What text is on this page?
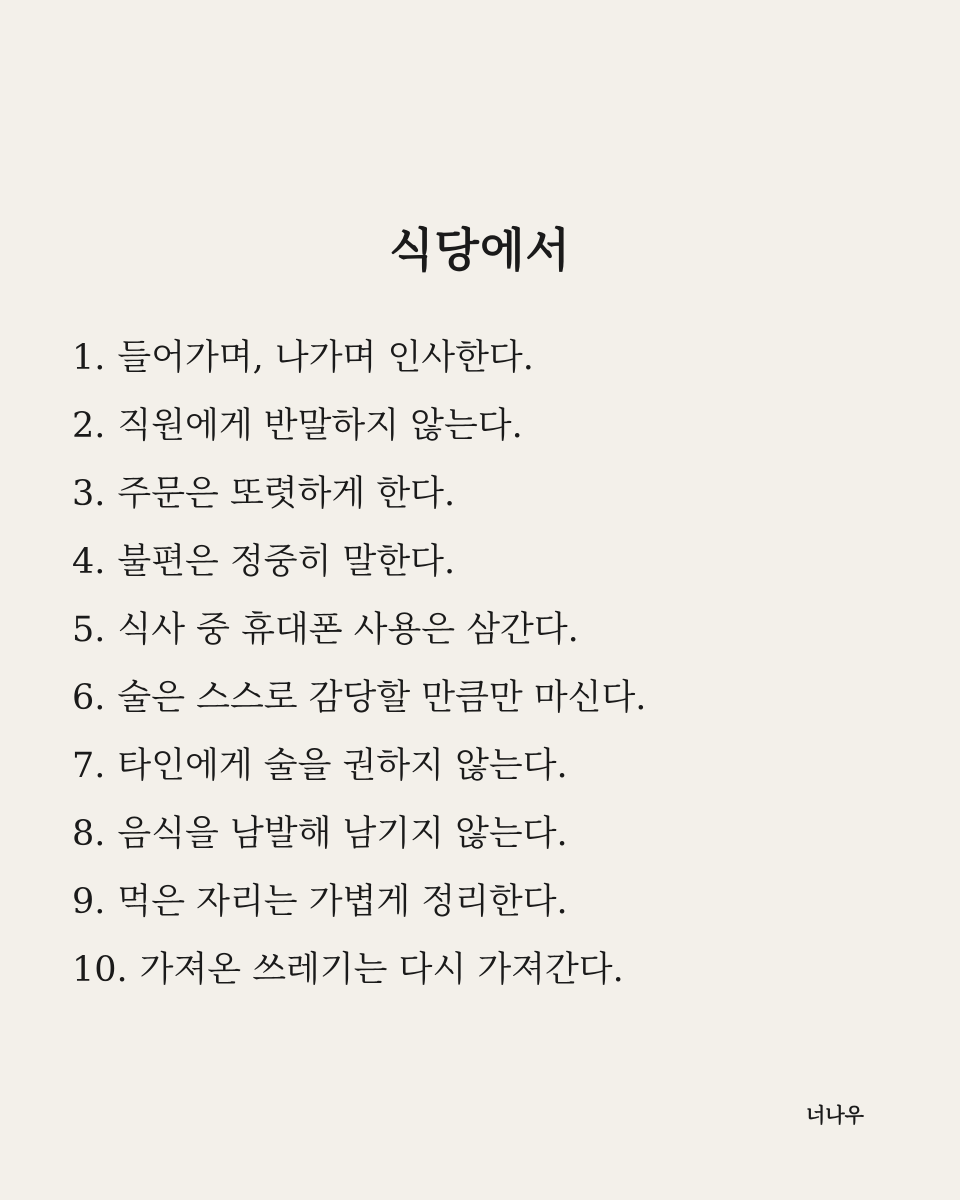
식당에서
1. 들어가며, 나가며 인사한다.
2. 직원에게 반말하지 않는다.
3. 주문은 또렷하게 한다.
4. 불편은 정중히 말한다.
5. 식사 중 휴대폰 사용은 삼간다.
6. 술은 스스로 감당할 만큼만 마신다.
7. 타인에게 술을 권하지 않는다.
8. 음식을 남발해 남기지 않는다.
9. 먹은 자리는 가볍게 정리한다.
10. 가져온 쓰레기는 다시 가져간다.
너나우
